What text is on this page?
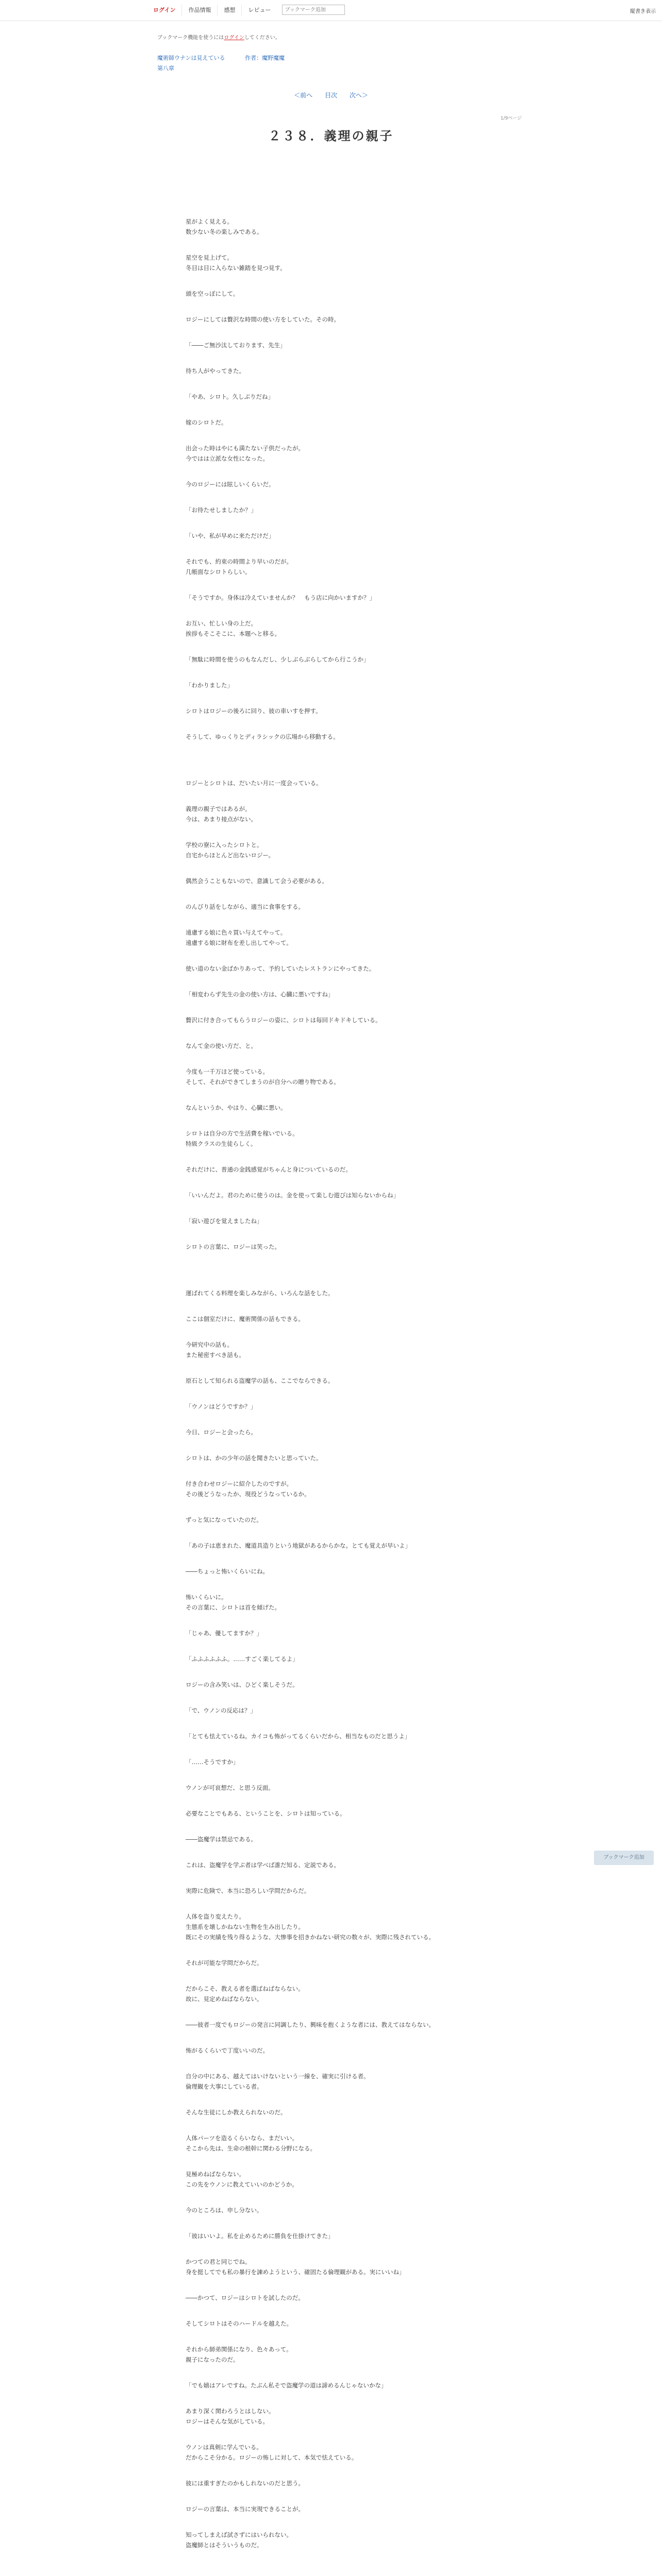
ログイン	作品情報	感想	レビュー
ブックマーク追加	縦書き表示
ブックマーク機能を使うにはログインしてください。
魔術師ウナンは見えている	作者：魔野魔魔
第八章
＜前へ 目次 次へ＞
1/9ページ
２３８．義理の親子

星がよく見える。
数少ない冬の楽しみである。

星空を見上げて。
冬目は目に入らない雑踏を見つ見す。

頭を空っぽにして。

ロジーにしては贅沢な時間の使い方をしていた。その時。

「――ご無沙汰しております、先生」

待ち人がやってきた。

「やあ、シロト。久しぶりだね」

嫁のシロトだ。

出会った時はやにも満たない子供だったが。
今ではは立派な女性になった。

今のロジーには眩しいくらいだ。

「お待たせしましたか？」

「いや、私が早めに来ただけだ」

それでも、約束の時間より早いのだが。
几帳面なシロトらしい。

「そうですか。身体は冷えていませんか？　もう店に向かいますか？」

お互い、忙しい身の上だ。
挨拶もそこそこに、本題へと移る。

「無駄に時間を使うのもなんだし、少しぶらぶらしてから行こうか」

「わかりました」

シロトはロジーの後ろに回り、彼の車いすを押す。

そうして、ゆっくりとディラシックの広場から移動する。

ロジーとシロトは、だいたい月に一度会っている。

義理の親子ではあるが。
今は、あまり接点がない。

学校の寮に入ったシロトと。
自宅からほとんど出ないロジー。

偶然会うこともないので、意識して会う必要がある。

のんびり話をしながら、適当に食事をする。

遠慮する娘に色々買い与えてやって。
遠慮する娘に財布を差し出してやって。

使い道のない金ばかりあって、予約していたレストランにやってきた。

「相変わらず先生の金の使い方は、心臓に悪いですね」

贅沢に付き合ってもらうロジーの姿に、シロトは毎回ドキドキしている。

なんて金の使い方だ、と。

今度も一千万ほど使っている。
そして、それができてしまうのが自分への贈り物である。

なんというか、やはり、心臓に悪い。

シロトは自分の方で生活費を稼いでいる。
特級クラスの生徒らしく。

それだけに、普通の金銭感覚がちゃんと身についているのだ。

「いいんだよ。君のために使うのは。金を使って楽しむ遊びは知らないからね」

「寂い遊びを覚えましたね」

シロトの言葉に、ロジーは笑った。

運ばれてくる料理を楽しみながら、いろんな話をした。

ここは個室だけに、魔術関係の話もできる。

今研究中の話も。
また秘密すべき話も。

原石として知られる盗魔学の話も、ここでならできる。

「ウノンはどうですか？」

今日、ロジーと会ったら。

シロトは、かの少年の話を聞きたいと思っていた。

付き合わせロジーに紹介したのですが。
その後どうなったか、現役どうなっているか。

ずっと気になっていたのだ。

「あの子は恵まれた、魔道具造りという地獄があるからかな。とても覚えが早いよ」

――ちょっと怖いくらいにね。

怖いくらいに。
その言葉に、シロトは首を傾げた。

「じゃあ、優してますか？」

「ふふふふふふ。……すごく楽してるよ」

ロジーの含み笑いは、ひどく楽しそうだ。

「で、ウノンの反応は？」

「とても怯えているね。カイコも怖がってるくらいだから、相当なものだと思うよ」

「……そうですか」

ウノンが可哀想だ、と思う反面。

必要なことでもある、ということを、シロトは知っている。

――盗魔学は禁忌である。

これは、盗魔学を学ぶ者は学べば誰だ知る、定説である。

実際に危険で、本当に恐ろしい学問だからだ。

人体を盗り変えたり。
生態系を壊しかねない生物を生み出したり。
既にその実績を残り得るような、大惨事を招きかねない研究の数々が、実際に残されている。

それが可能な学問だからだ。

だからこそ、教える者を選ばねばならない。
故に、見定めねばならない。

――彼者一度でもロジーの発言に同調したり、興味を抱くような者には、教えてはならない。

怖がるくらいで丁度いいのだ。

自分の中にある、越えてはいけないという一線を、確実に引ける者。
倫理観を大事にしている者。

そんな生徒にしか教えられないのだ。

人体パーツを造るくらいなら、まだいい。
そこから先は、生命の根幹に関わる分野になる。

見極めねばならない。
この先をウノンに教えていいのかどうか。

今のところは、申し分ない。

「彼はいいよ。私を止めるために勝負を仕掛けてきた」

かつての君と同じでね。
身を挺してでも私の暴行を諫めようという、確固たる倫理観がある。実にいいね」

――かつて、ロジーはシロトを試したのだ。

そしてシロトはそのハードルを越えた。

それから師弟関係になり、色々あって。
親子になったのだ。

「でも嬉はアレですね。たぶん私そで盗魔学の道は諦めるんじゃないかな」

あまり深く関わろうとはしない。
ロジーはそんな気がしている。

ウノンは真剣に学んでいる。
だからこそ分かる。ロジーの怖しに対して、本気で怯えている。

彼には重すぎたのかもしれないのだと思う。

ロジーの言葉は、本当に実現できることが。

知ってしまえば試さずにはいられない。
盗魔師とはそういうものだ。

ブックマーク追加
